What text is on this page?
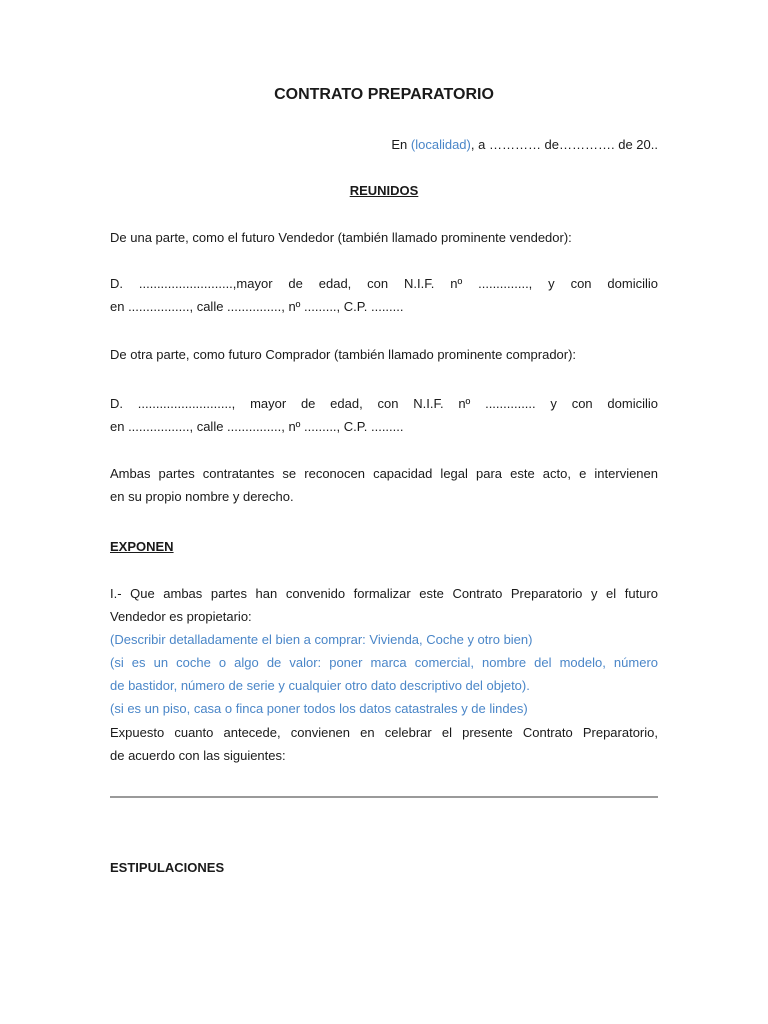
CONTRATO PREPARATORIO

En (localidad), a ………… de…………. de 20..

REUNIDOS

De una parte, como el futuro Vendedor (también llamado prominente vendedor):

D. ..........................,mayor de edad, con N.I.F. nº .............., y con domicilio

en ................., calle ..............., nº ........., C.P. .........

De otra parte, como futuro Comprador (también llamado prominente comprador):

D. .........................., mayor de edad, con N.I.F. nº .............. y con domicilio

en ................., calle ..............., nº ........., C.P. .........

Ambas partes contratantes se reconocen capacidad legal para este acto, e intervienen

en su propio nombre y derecho.

EXPONEN

I.- Que ambas partes han convenido formalizar este Contrato Preparatorio y el futuro

Vendedor es propietario:

(Describir detalladamente el bien a comprar: Vivienda, Coche y otro bien)

(si es un coche o algo de valor: poner marca comercial, nombre del modelo, número

de bastidor, número de serie y cualquier otro dato descriptivo del objeto).

(si es un piso, casa o finca poner todos los datos catastrales y de lindes)

Expuesto cuanto antecede, convienen en celebrar el presente Contrato Preparatorio,

de acuerdo con las siguientes:

ESTIPULACIONES
